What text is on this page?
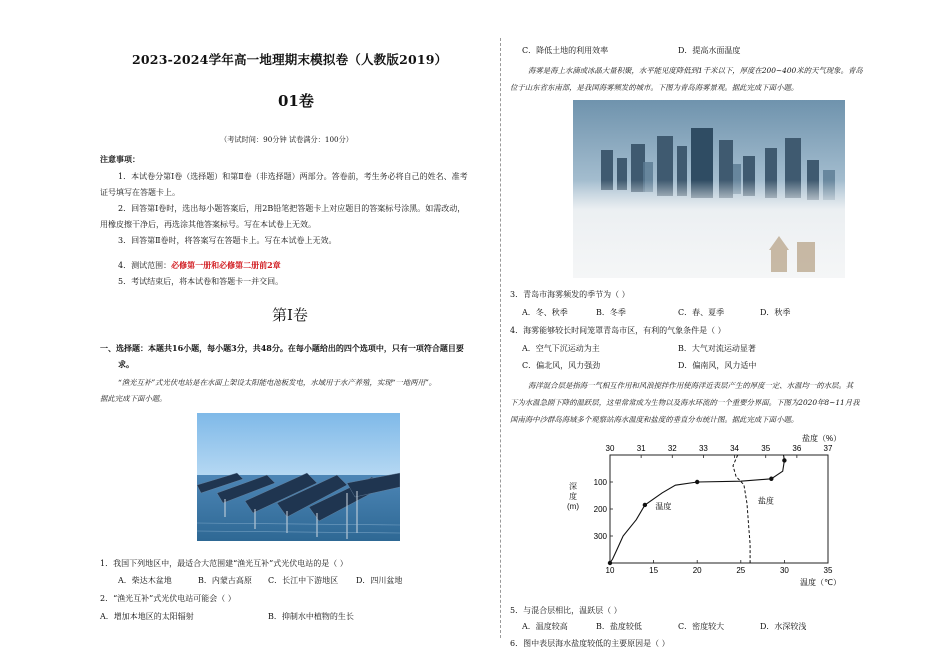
2023-2024学年高一地理期末模拟卷（人教版2019）
01卷
（考试时间：90分钟 试卷满分：100分）
注意事项：
1．本试卷分第Ⅰ卷（选择题）和第Ⅱ卷（非选择题）两部分。答卷前，考生务必将自己的姓名、准考
证号填写在答题卡上。
2．回答第Ⅰ卷时，选出每小题答案后，用2B铅笔把答题卡上对应题目的答案标号涂黑。如需改动，
用橡皮擦干净后，再选涂其他答案标号。写在本试卷上无效。
3．回答第Ⅱ卷时，将答案写在答题卡上。写在本试卷上无效。
4．测试范围：必修第一册和必修第二册前2章
5．考试结束后，将本试卷和答题卡一并交回。
第Ⅰ卷
一、选择题：本题共16小题，每小题3分，共48分。在每小题给出的四个选项中，只有一项符合题目要
求。
“渔光互补”式光伏电站是在水面上架设太阳能电池板发电，水域用于水产养殖，实现“一地两用”。
据此完成下面小题。
1．我国下列地区中，最适合大范围建“渔光互补”式光伏电站的是（ ）
A．柴达木盆地	B．内蒙古高原 C．长江中下游地区 D．四川盆地
2．“渔光互补”式光伏电站可能会（ ）
A．增加本地区的太阳辐射	B．抑制水中植物的生长
C．降低土地的利用效率	D．提高水面温度
海雾是海上水滴或冰晶大量积聚，水平能见度降低到1千米以下，厚度在200~400米的天气现象。青岛
位于山东省东南部，是我国海雾频发的城市。下图为青岛海雾景观。据此完成下面小题。
3．青岛市海雾频发的季节为（ ）
A．冬、秋季	B．冬季	C．春、夏季	D．秋季
4．海雾能够较长时间笼罩青岛市区，有利的气象条件是（ ）
A．空气下沉运动为主	B．大气对流运动显著
C．偏北风，风力强劲	D．偏南风，风力适中
海洋混合层是指海一气相互作用和风浪搅拌作用使海洋近表层产生的厚度一定、水温均一的水层。其
下为水温急剧下降的温跃层，这里常常成为生物以及海水环流的一个重要分界面。下图为2020年8~11月我
国南海中沙群岛海域多个观察站海水温度和盐度的垂直分布统计图。据此完成下面小题。
30	31	32	33	34	35	36	37
10	15	20	25	30	35
100
200
300
盐度（%）
温度（℃）
温度
盐度
深度(m)
5．与混合层相比，温跃层（ ）
A．温度较高	B．盐度较低	C．密度较大	D．水深较浅
6．图中表层海水盐度较低的主要原因是（ ）
